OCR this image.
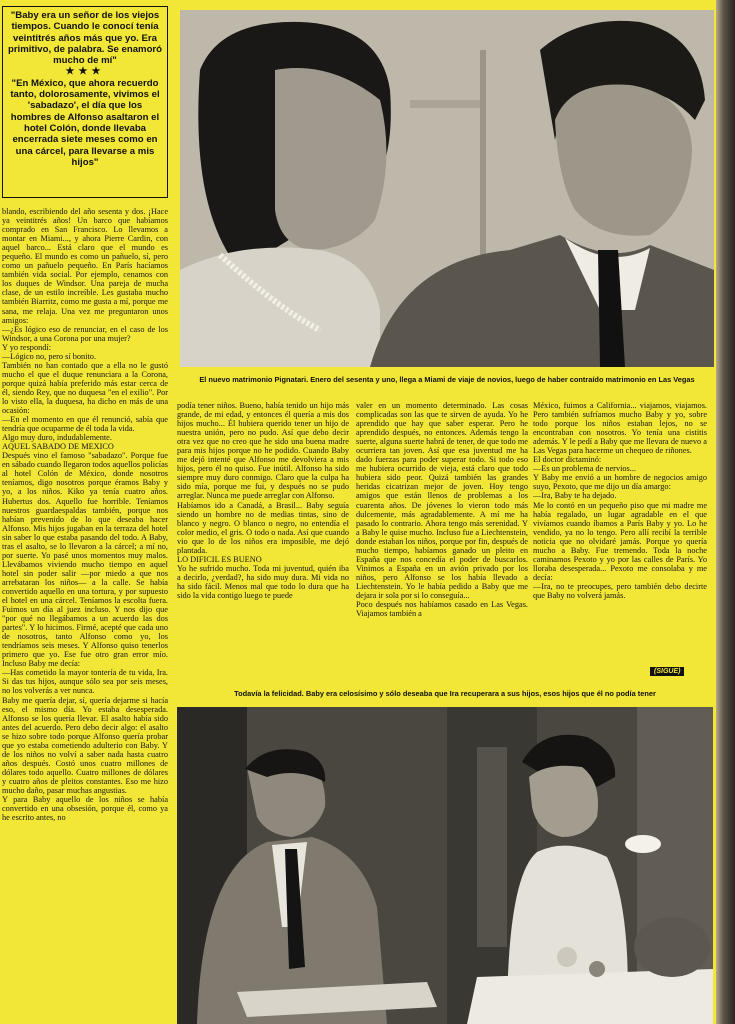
"Baby era un señor de los viejos tiempos. Cuando le conocí tenía veintitrés años más que yo. Era primitivo, de palabra. Se enamoró mucho de mí"

★★★

"En México, que ahora recuerdo tanto, dolorosamente, vivimos el 'sabadazo', el día que los hombres de Alfonso asaltaron el hotel Colón, donde llevaba encerrada siete meses como en una cárcel, para llevarse a mis hijos"

El nuevo matrimonio Pignatari. Enero del sesenta y uno, llega a Miami de viaje de novios, luego de haber contraído matrimonio en Las Vegas
blando, escribiendo del año sesenta y dos. ¡Hace ya veintitrés años! Un barco que habíamos comprado en San Francisco. Lo llevamos a montar en Miami..., y ahora Pierre Cardin, con aquel barco... Está claro que el mundo es pequeño. El mundo es como un pañuelo, sí, pero como un pañuelo pequeño. En París hacíamos también vida social. Por ejemplo, cenamos con los duques de Windsor. Una pareja de mucha clase, de un estilo increíble. Les gustaba mucho también Biarritz, como me gusta a mí, porque me sana, me relaja. Una vez me preguntaron unos amigos:
—¿Es lógico eso de renunciar, en el caso de los Windsor, a una Corona por una mujer?
Y yo respondí:
—Lógico no, pero sí bonito.
También no han contado que a ella no le gustó mucho el que el duque renunciara a la Corona, porque quizá había preferido más estar cerca de él, siendo Rey, que no duquesa "en el exilio". Por lo visto ella, la duquesa, ha dicho en más de una ocasión:
—En el momento en que él renunció, sabía que tendría que ocuparme de él toda la vida.
Algo muy duro, indudablemente.
AQUEL SABADO DE MEXICO
Después vino el famoso "sabadazo". Porque fue en sábado cuando llegaron todos aquellos policías al hotel Colón de México, donde nosotros teníamos, digo nosotros porque éramos Baby y yo, a los niños. Kiko ya tenía cuatro años. Hubertus dos. Aquello fue horrible. Teníamos nuestros guardaespaldas también, porque nos habían prevenido de lo que deseaba hacer Alfonso. Mis hijos jugaban en la terraza del hotel sin saber lo que estaba pasando del todo. A Baby, tras el asalto, se lo llevaron a la cárcel; a mí no, por suerte. Yo pasé unos momentos muy malos. Llevábamos viviendo mucho tiempo en aquel hotel sin poder salir —por miedo a que nos arrebataran los niños— a la calle. Se había convertido aquello en una tortura, y por supuesto el hotel en una cárcel. Teníamos la escolta fuera. Fuimos un día al juez incluso. Y nos dijo que "por qué no llegábamos a un acuerdo las dos partes". Y lo hicimos. Firmé, acepté que cada uno de nosotros, tanto Alfonso como yo, los tendríamos seis meses. Y Alfonso quiso tenerlos primero que yo. Ese fue otro gran error mío. Incluso Baby me decía:
—Has cometido la mayor tontería de tu vida, Ira. Si das tus hijos, aunque sólo sea por seis meses, no los volverás a ver nunca.
Baby me quería dejar, sí, quería dejarme si hacía eso, el mismo día. Yo estaba desesperada. Alfonso se los quería llevar. El asalto había sido antes del acuerdo. Pero debo decir algo: el asalto se hizo sobre todo porque Alfonso quería probar que yo estaba cometiendo adulterio con Baby. Y de los niños no volví a saber nada hasta cuatro años después. Costó unos cuatro millones de dólares todo aquello. Cuatro millones de dólares y cuatro años de pleitos constantes. Eso me hizo mucho daño, pasar muchas angustias.
Y para Baby aquello de los niños se había convertido en una obsesión, porque él, como ya he escrito antes, no
podía tener niños. Bueno, había tenido un hijo más grande, de mi edad, y entonces él quería a mis dos hijos mucho... Él hubiera querido tener un hijo de nuestra unión, pero no pudo. Así que debo decir otra vez que no creo que he sido una buena madre para mis hijos porque no he podido. Cuando Baby me dejó intenté que Alfonso me devolviera a mis hijos, pero él no quiso. Fue inútil. Alfonso ha sido siempre muy duro conmigo. Claro que la culpa ha sido mía, porque me fui, y después no se pudo arreglar. Nunca me puede arreglar con Alfonso.
Habíamos ido a Canadá, a Brasil... Baby seguía siendo un hombre no de medias tintas, sino de blanco y negro. O blanco o negro, no entendía el color medio, el gris. O todo o nada. Así que cuando vio que lo de los niños era imposible, me dejó plantada.
LO DIFICIL ES BUENO
Yo he sufrido mucho. Toda mi juventud, quién iba a decirlo, ¿verdad?, ha sido muy dura. Mi vida no ha sido fácil. Menos mal que todo lo dura que ha sido la vida contigo luego te puede
valer en un momento determinado. Las cosas complicadas son las que te sirven de ayuda. Yo he aprendido que hay que saber esperar. Pero he aprendido después, no entonces. Además tengo la suerte, alguna suerte habrá de tener, de que todo me ocurriera tan joven. Así que esa juventud me ha dado fuerzas para poder superar todo. Si todo eso me hubiera ocurrido de vieja, está claro que todo hubiera sido peor. Quizá también las grandes heridas cicatrizan mejor de joven. Hoy tengo amigos que están llenos de problemas a los cuarenta años. De jóvenes lo vieron todo más dulcemente, más agradablemente. A mí me ha pasado lo contrario. Ahora tengo más serenidad. Y a Baby le quise mucho. Incluso fue a Liechtenstein, donde estaban los niños, porque por fin, después de mucho tiempo, habíamos ganado un pleito en España que nos concedía el poder de buscarlos. Vinimos a España en un avión privado por los niños, pero Alfonso se los había llevado a Liechtenstein. Yo le había pedido a Baby que me dejara ir sola por si lo conseguía...
Poco después nos habíamos casado en Las Vegas. Viajamos también a
México, fuimos a California... viajamos, viajamos. Pero también sufríamos mucho Baby y yo, sobre todo porque los niños estaban lejos, no se encontraban con nosotros. Yo tenía una cistitis además. Y le pedí a Baby que me llevara de nuevo a Las Vegas para hacerme un chequeo de riñones.
El doctor dictaminó:
—Es un problema de nervios...
Y Baby me envió a un hombre de negocios amigo suyo, Pexoto, que me dijo un día amargo:
—Ira, Baby te ha dejado.
Me lo contó en un pequeño piso que mi madre me había regalado, un lugar agradable en el que vivíamos cuando íbamos a París Baby y yo. Lo he vendido, ya no lo tengo. Pero allí recibí la terrible noticia que no olvidaré jamás. Porque yo quería mucho a Baby. Fue tremendo. Toda la noche caminamos Pexoto y yo por las calles de París. Yo lloraba desesperada... Pexoto me consolaba y me decía:
—Ira, no te preocupes, pero también debo decirte que Baby no volverá jamás.
(SIGUE)
Todavía la felicidad. Baby era celosísimo y sólo deseaba que Ira recuperara a sus hijos, esos hijos que él no podía tener
